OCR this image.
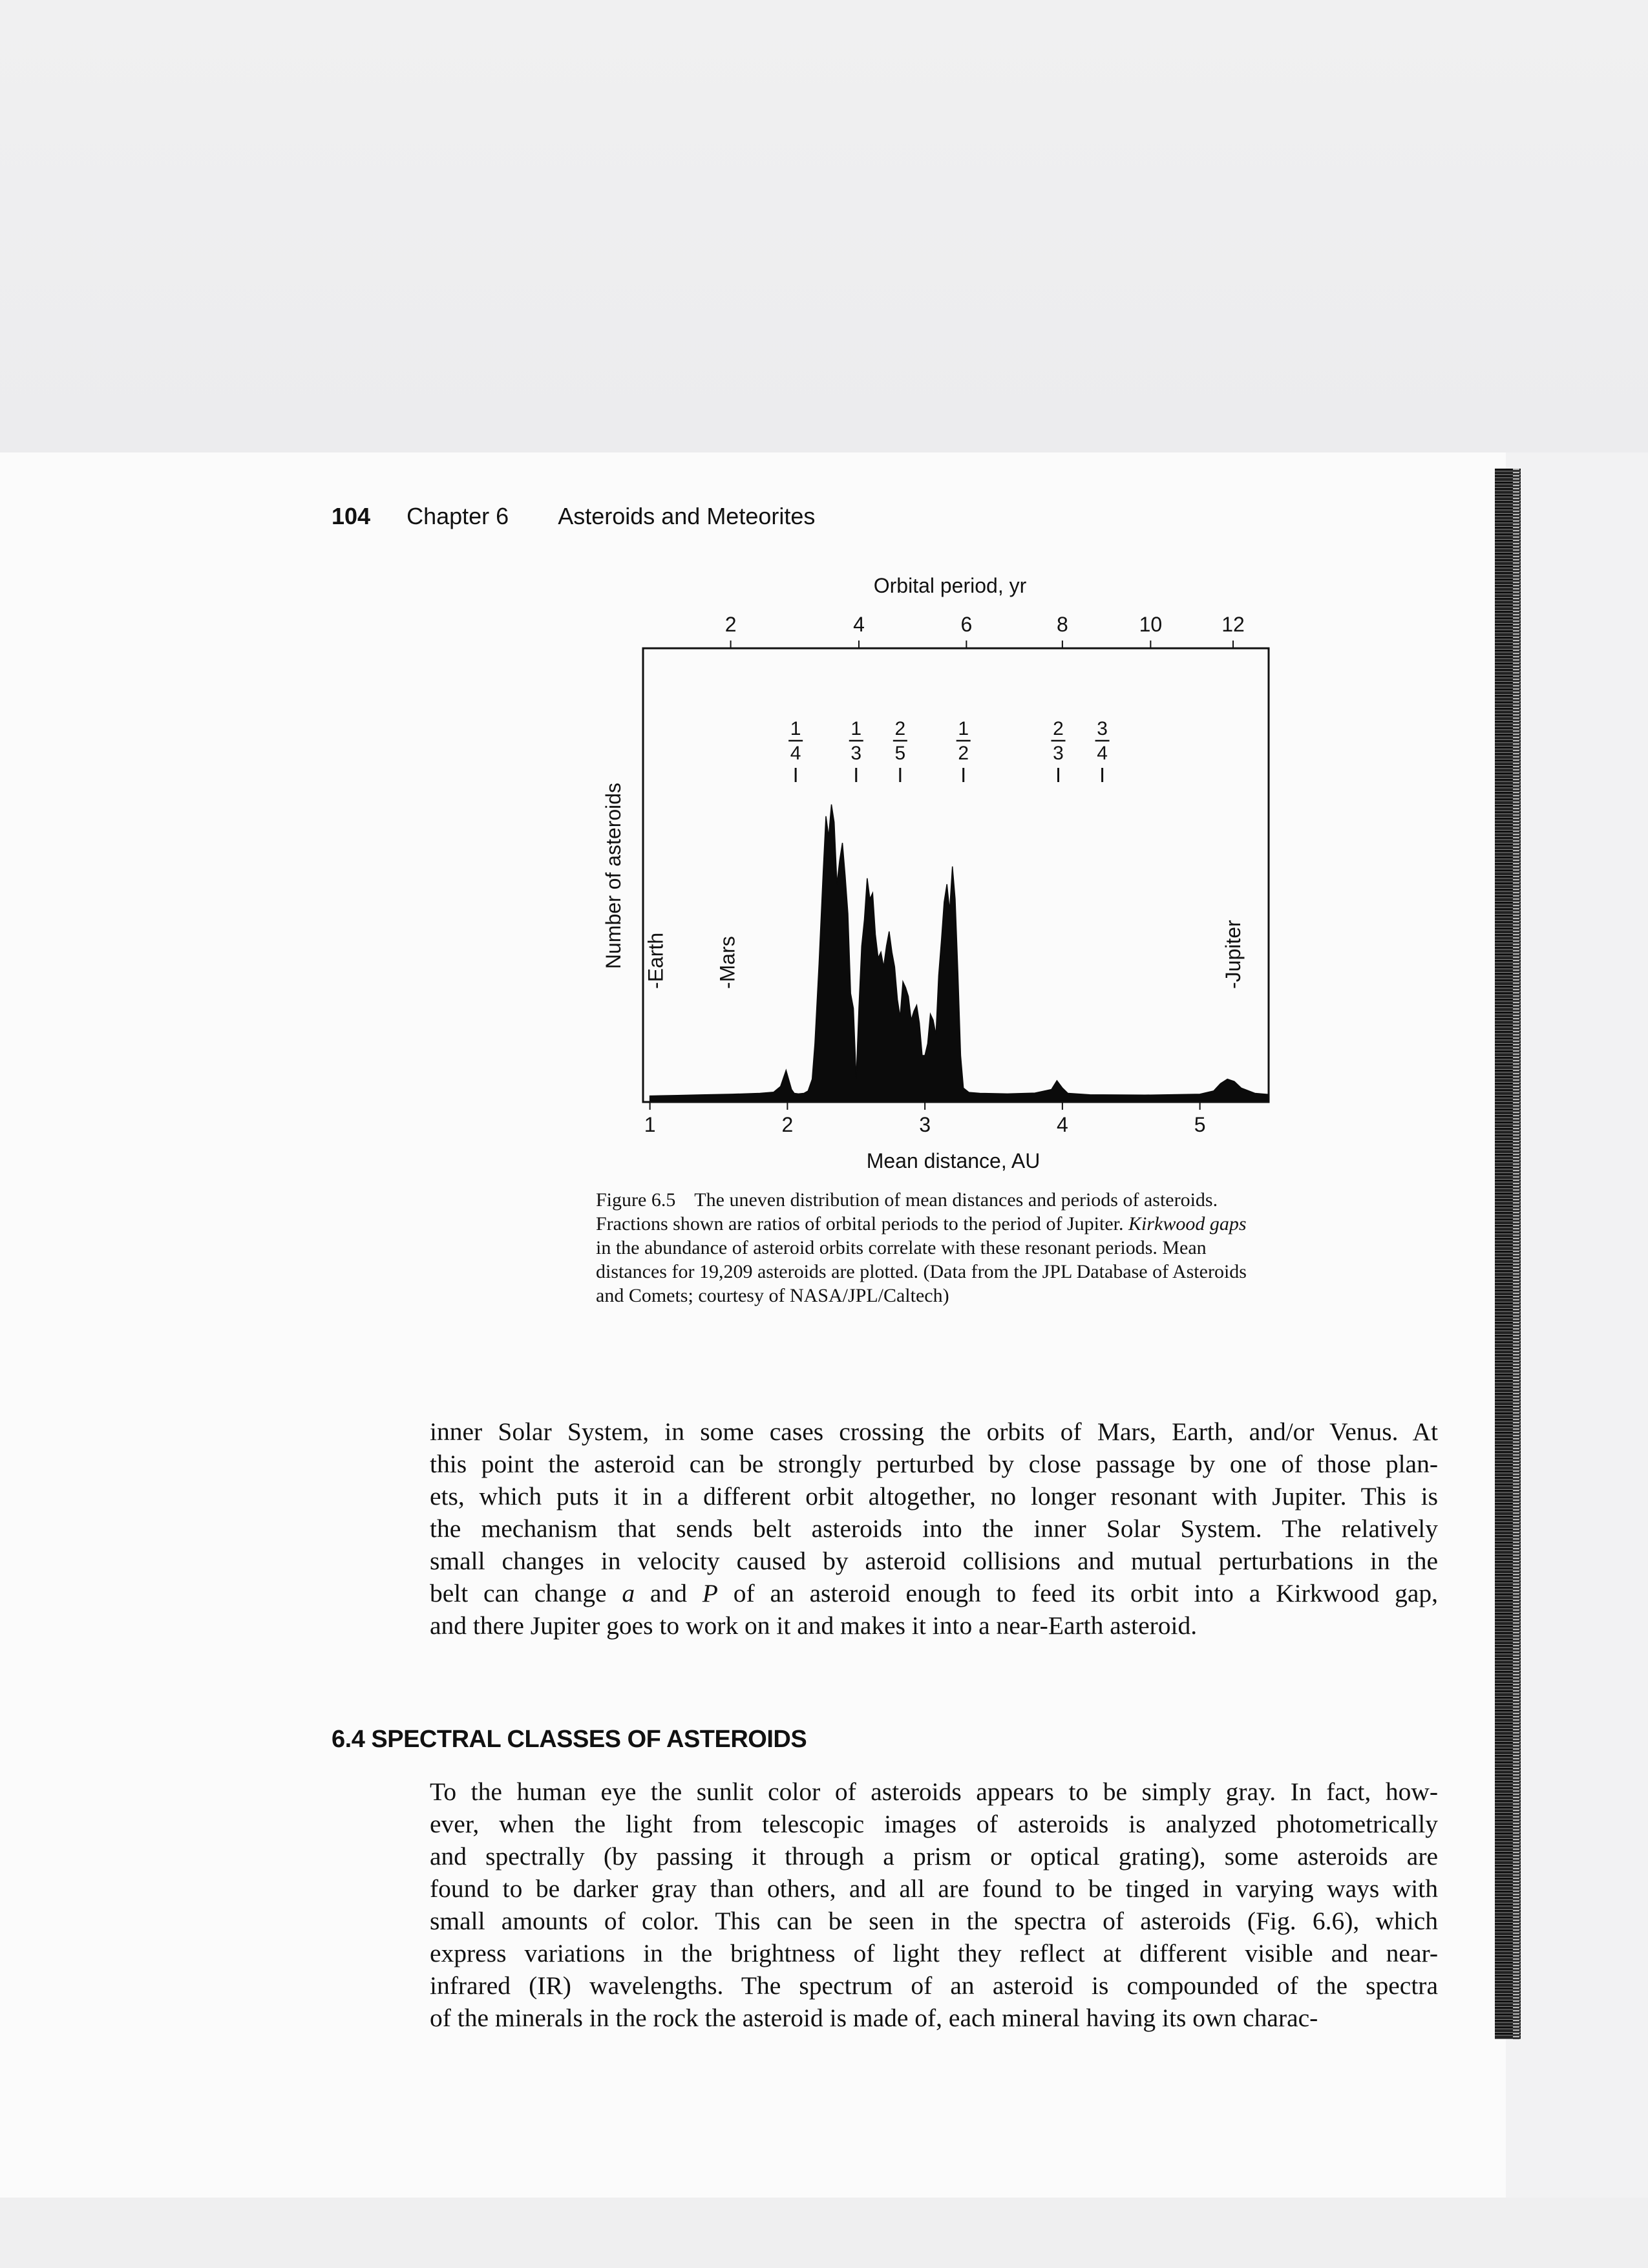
104 Chapter 6 Asteroids and Meteorites
Orbital period, yr
2	4	6	8	10	12
1
4
1
3
2
5
1
2
2
3
3
4
-Earth -Mars	-Jupiter
Number of asteroids
1	2	3	4	5
Mean distance, AU
Figure 6.5 The uneven distribution of mean distances and periods of asteroids. Fractions shown are ratios of orbital periods to the period of Jupiter. Kirkwood gaps in the abundance of asteroid orbits correlate with these resonant periods. Mean distances for 19,209 asteroids are plotted. (Data from the JPL Database of Asteroids and Comets; courtesy of NASA/JPL/Caltech)
inner Solar System, in some cases crossing the orbits of Mars, Earth, and/or Venus. At
this point the asteroid can be strongly perturbed by close passage by one of those plan-
ets, which puts it in a different orbit altogether, no longer resonant with Jupiter. This is
the mechanism that sends belt asteroids into the inner Solar System. The relatively
small changes in velocity caused by asteroid collisions and mutual perturbations in the
belt can change a and P of an asteroid enough to feed its orbit into a Kirkwood gap,
and there Jupiter goes to work on it and makes it into a near-Earth asteroid.
6.4 SPECTRAL CLASSES OF ASTEROIDS
To the human eye the sunlit color of asteroids appears to be simply gray. In fact, how-
ever, when the light from telescopic images of asteroids is analyzed photometrically
and spectrally (by passing it through a prism or optical grating), some asteroids are
found to be darker gray than others, and all are found to be tinged in varying ways with
small amounts of color. This can be seen in the spectra of asteroids (Fig. 6.6), which
express variations in the brightness of light they reflect at different visible and near-
infrared (IR) wavelengths. The spectrum of an asteroid is compounded of the spectra
of the minerals in the rock the asteroid is made of, each mineral having its own charac-
